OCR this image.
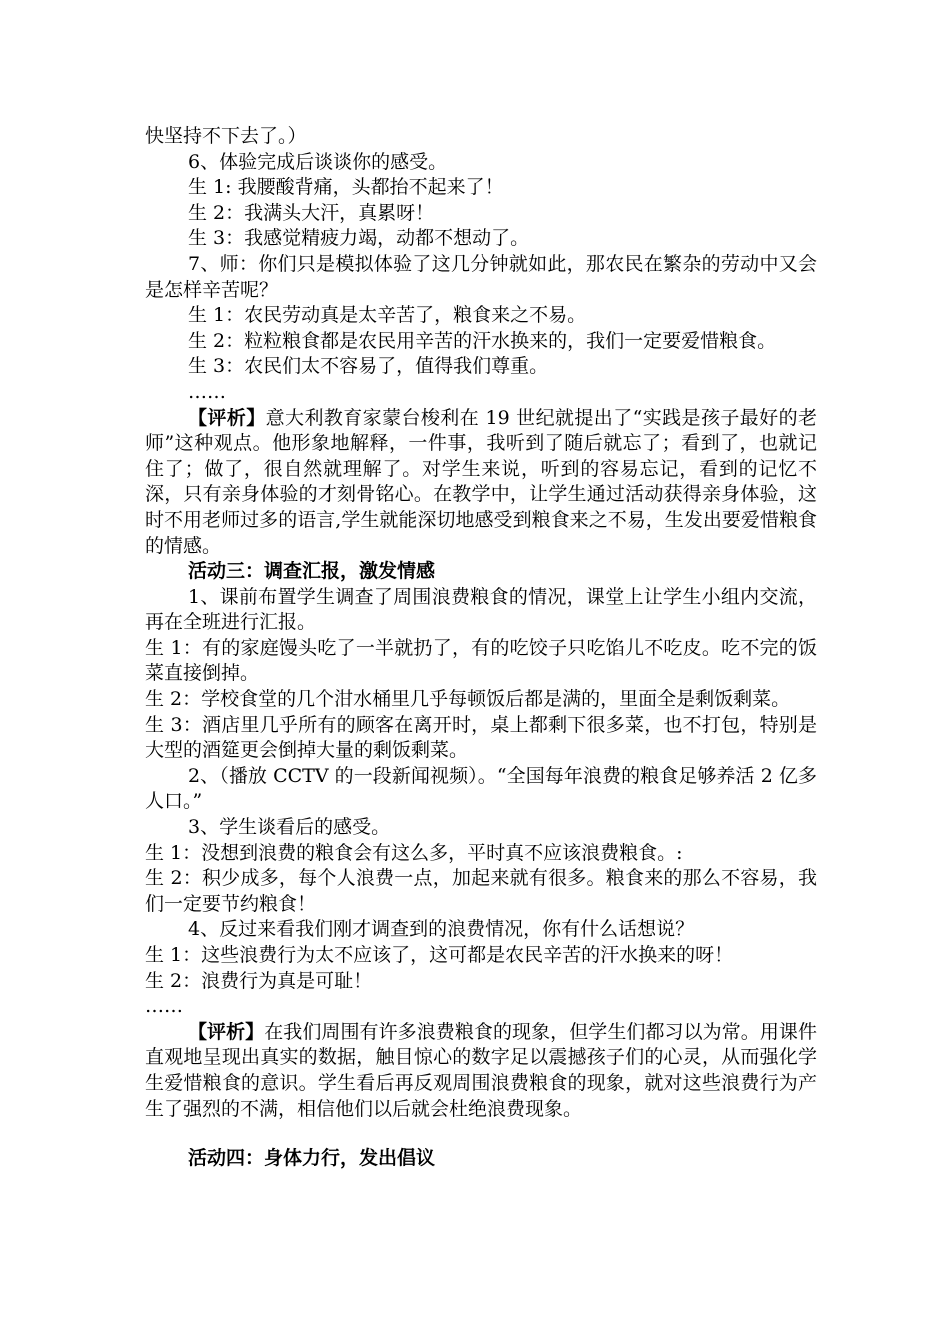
快坚持不下去了。）

6、体验完成后谈谈你的感受。

生 1: 我腰酸背痛，头都抬不起来了！

生 2：我满头大汗，真累呀！

生 3：我感觉精疲力竭，动都不想动了。

7、师：你们只是模拟体验了这几分钟就如此，那农民在繁杂的劳动中又会是怎样辛苦呢？

生 1：农民劳动真是太辛苦了，粮食来之不易。

生 2：粒粒粮食都是农民用辛苦的汗水换来的，我们一定要爱惜粮食。

生 3：农民们太不容易了，值得我们尊重。

……

【评析】意大利教育家蒙台梭利在 19 世纪就提出了“实践是孩子最好的老师”这种观点。他形象地解释，一件事，我听到了随后就忘了；看到了，也就记住了；做了，很自然就理解了。对学生来说，听到的容易忘记，看到的记忆不深，只有亲身体验的才刻骨铭心。在教学中，让学生通过活动获得亲身体验，这时不用老师过多的语言,学生就能深切地感受到粮食来之不易，生发出要爱惜粮食的情感。

活动三：调查汇报，激发情感

1、课前布置学生调查了周围浪费粮食的情况，课堂上让学生小组内交流，再在全班进行汇报。

生 1：有的家庭馒头吃了一半就扔了，有的吃饺子只吃馅儿不吃皮。吃不完的饭菜直接倒掉。

生 2：学校食堂的几个泔水桶里几乎每顿饭后都是满的，里面全是剩饭剩菜。

生 3：酒店里几乎所有的顾客在离开时，桌上都剩下很多菜，也不打包，特别是大型的酒筵更会倒掉大量的剩饭剩菜。

2、（播放 CCTV 的一段新闻视频）。“全国每年浪费的粮食足够养活 2 亿多人口。”

3、学生谈看后的感受。

生 1：没想到浪费的粮食会有这么多，平时真不应该浪费粮食。:

生 2：积少成多，每个人浪费一点，加起来就有很多。粮食来的那么不容易，我们一定要节约粮食！

4、反过来看我们刚才调查到的浪费情况，你有什么话想说？

生 1：这些浪费行为太不应该了，这可都是农民辛苦的汗水换来的呀！

生 2：浪费行为真是可耻！

……

【评析】在我们周围有许多浪费粮食的现象，但学生们都习以为常。用课件直观地呈现出真实的数据，触目惊心的数字足以震撼孩子们的心灵，从而强化学生爱惜粮食的意识。学生看后再反观周围浪费粮食的现象，就对这些浪费行为产生了强烈的不满，相信他们以后就会杜绝浪费现象。

活动四：身体力行，发出倡议
